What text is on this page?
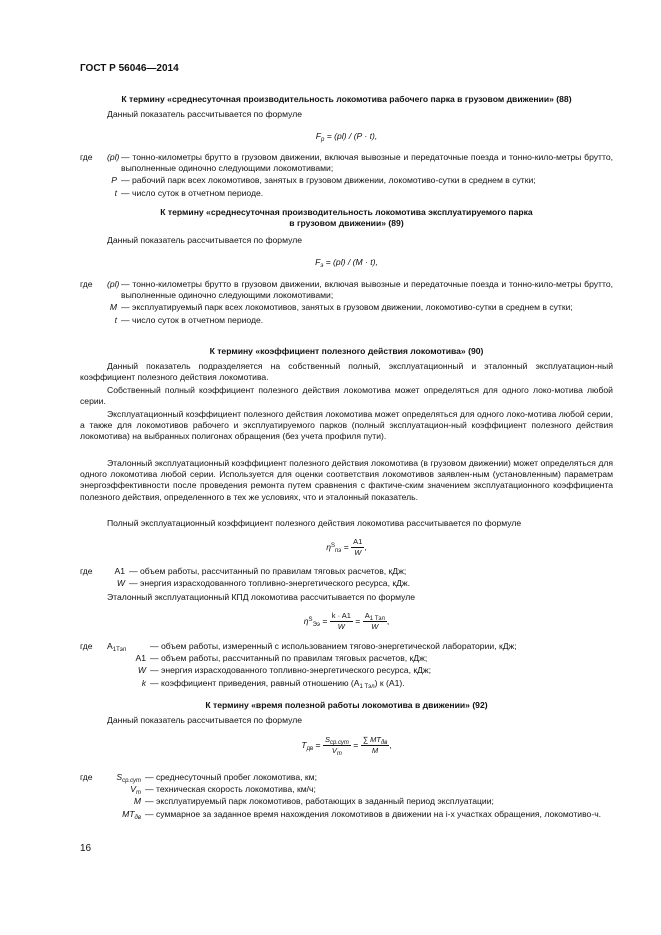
ГОСТ Р 56046—2014
К термину «среднесуточная производительность локомотива рабочего парка в грузовом движении» (88)
Данный показатель рассчитывается по формуле
$F_р = (pl) / (P \cdot t)$,
где	(pl) — тонно-километры брутто в грузовом движении, включая вывозные и передаточные поезда и тонно-кило-метры брутто, выполненные одиночно следующими локомотивами;
P — рабочий парк всех локомотивов, занятых в грузовом движении, локомотиво-сутки в среднем в сутки;
t — число суток в отчетном периоде.
К термину «среднесуточная производительность локомотива эксплуатируемого парка
в грузовом движении» (89)
Данный показатель рассчитывается по формуле
$F_э = (pl) / (M \cdot t)$,
где	(pl) — тонно-километры брутто в грузовом движении, включая вывозные и передаточные поезда и тонно-кило-метры брутто, выполненные одиночно следующими локомотивами;
M — эксплуатируемый парк всех локомотивов, занятых в грузовом движении, локомотиво-сутки в среднем в сутки;
t — число суток в отчетном периоде.
К термину «коэффициент полезного действия локомотива» (90)
Данный показатель подразделяется на собственный полный, эксплуатационный и эталонный эксплуатацион-ный коэффициент полезного действия локомотива.
Собственный полный коэффициент полезного действия локомотива может определяться для одного локо-мотива любой серии.
Эксплуатационный коэффициент полезного действия локомотива может определяться для одного локо-мотива любой серии, а также для локомотивов рабочего и эксплуатируемого парков (полный эксплуатацион-ный коэффициент полезного действия локомотива) на выбранных полигонах обращения (без учета профиля пути).
Эталонный эксплуатационный коэффициент полезного действия локомотива (в грузовом движении) может определяться для одного локомотива любой серии. Используется для оценки соответствия локомотивов заявлен-ным (установленным) параметрам энергоэффективности после проведения ремонта путем сравнения с фактиче-ским значением эксплуатационного коэффициента полезного действия, определенного в тех же условиях, что и эталонный показатель.
Полный эксплуатационный коэффициент полезного действия локомотива рассчитывается по формуле
$\eta^S_{пэ} = \frac{A1}{W}$ ,
где	A1 — объем работы, рассчитанный по правилам тяговых расчетов, кДж;
W — энергия израсходованного топливно-энергетического ресурса, кДж.
Эталонный эксплуатационный КПД локомотива рассчитывается по формуле
$\eta^S_{Ээ} = \frac{k \cdot A1}{W} = \frac{A_{1 Тэл}}{W}$ ,
где	$A_{1Тэл}$	— объем работы, измеренный с использованием тягово-энергетической лаборатории, кДж;
A1 — объем работы, рассчитанный по правилам тяговых расчетов, кДж;
W — энергия израсходованного топливно-энергетического ресурса, кДж;
k — коэффициент приведения, равный отношению $(A_{1 Тэл})$ к (A1).
К термину «время полезной работы локомотива в движении» (92)
Данный показатель рассчитывается по формуле
$T_{дв} = \frac{S_{ср.сут}}{V_т} = \frac{\sum MT_{дв}}{M}$ ,
где	$S_{ср.сут}$ — среднесуточный пробег локомотива, км;
$V_т$ — техническая скорость локомотива, км/ч;
M — эксплуатируемый парк локомотивов, работающих в заданный период эксплуатации;
$MT_{дв}$ — суммарное за заданное время нахождения локомотивов в движении на i-х участках обращения, локомотиво-ч.
16
